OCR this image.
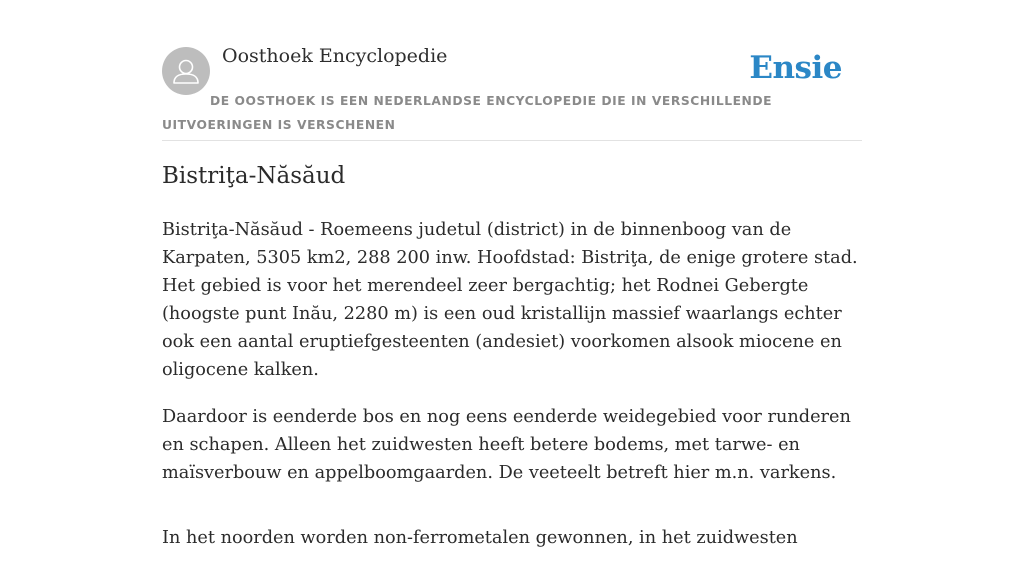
Oosthoek Encyclopedie	Ensie
DE OOSTHOEK IS EEN NEDERLANDSE ENCYCLOPEDIE DIE IN VERSCHILLENDE UITVOERINGEN IS VERSCHENEN
Bistriţa-Năsăud

Bistriţa-Năsăud - Roemeens judetul (district) in de binnenboog van de Karpaten, 5305 km2, 288 200 inw. Hoofdstad: Bistriţa, de enige grotere stad. Het gebied is voor het merendeel zeer bergachtig; het Rodnei Gebergte (hoogste punt Inău, 2280 m) is een oud kristallijn massief waarlangs echter ook een aantal eruptiefgesteenten (andesiet) voorkomen alsook miocene en oligocene kalken.

Daardoor is eenderde bos en nog eens eenderde weidegebied voor runderen en schapen. Alleen het zuidwesten heeft betere bodems, met tarwe- en maïsverbouw en appelboomgaarden. De veeteelt betreft hier m.n. varkens.

In het noorden worden non-ferrometalen gewonnen, in het zuidwesten
